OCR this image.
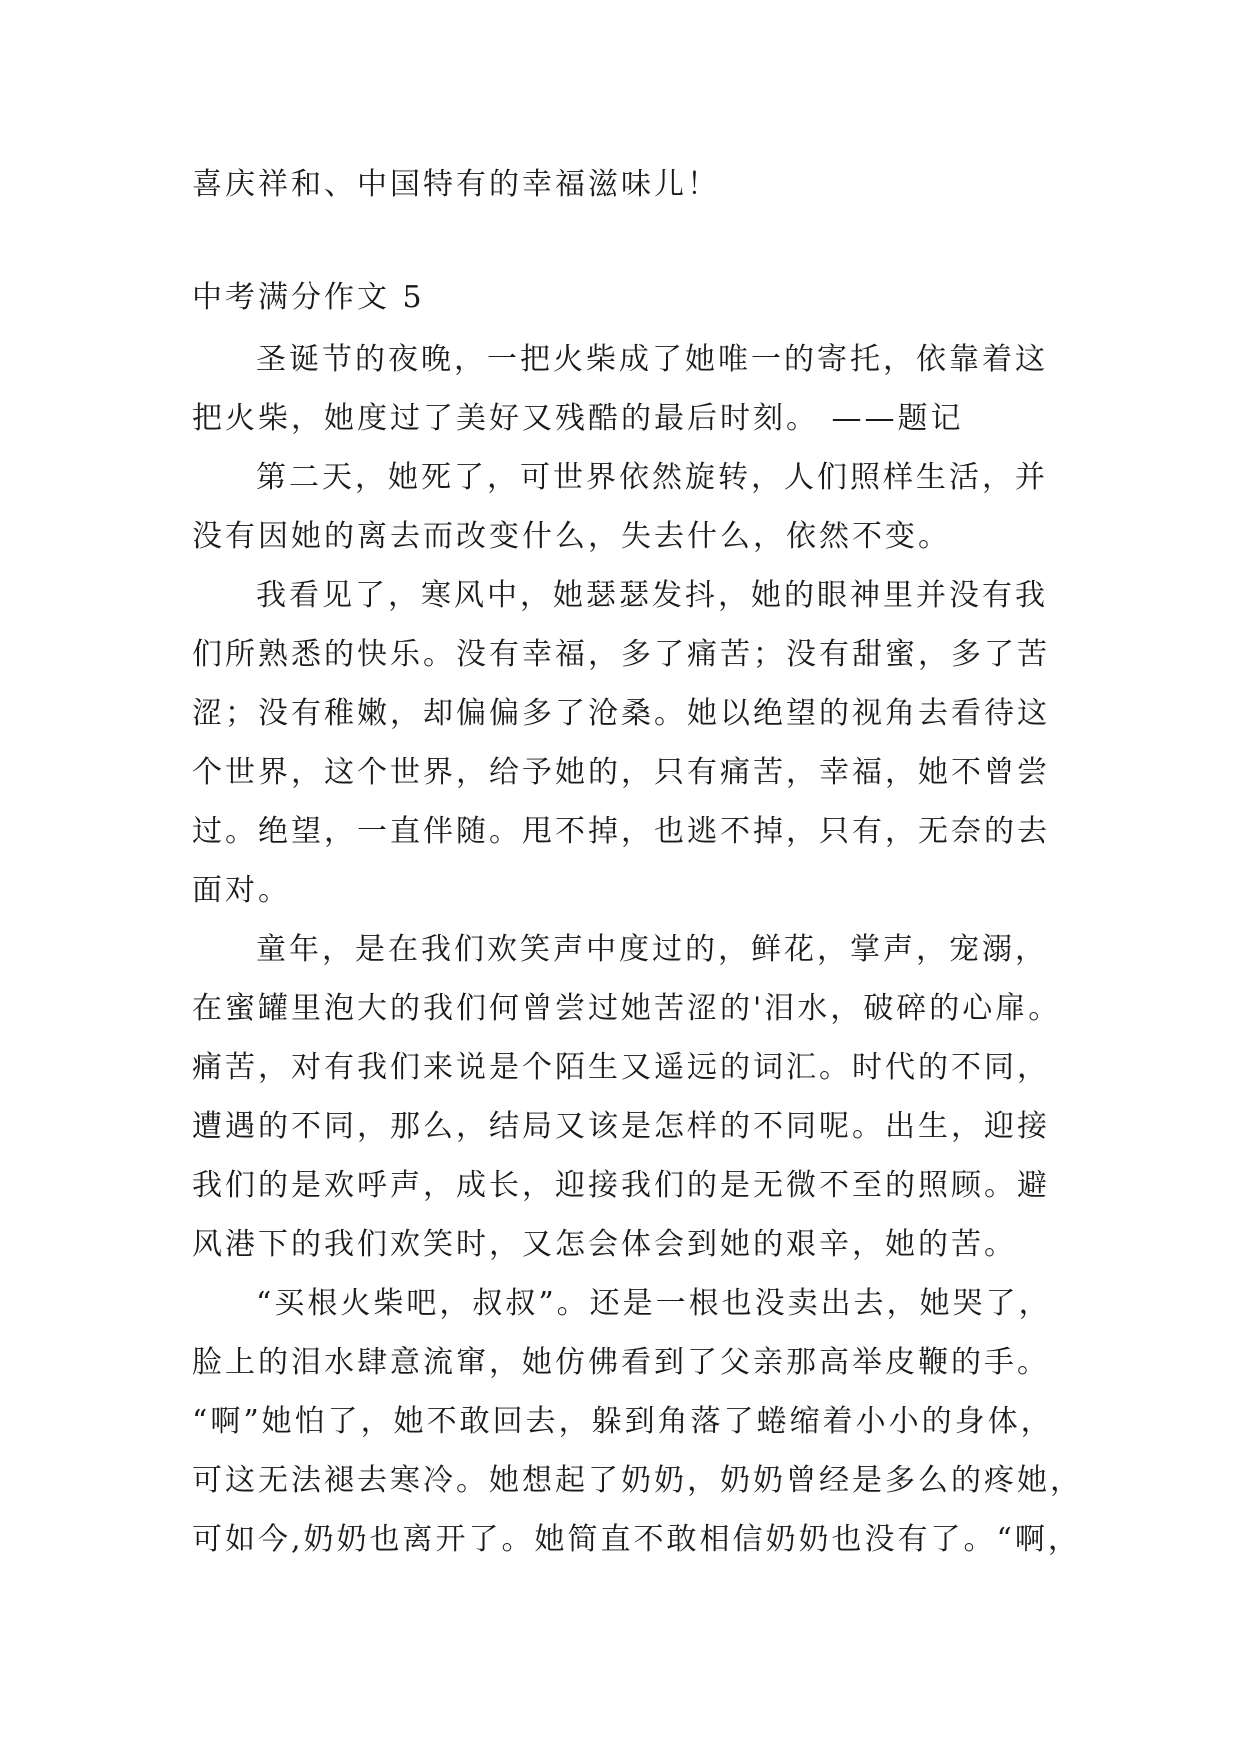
喜庆祥和、中国特有的幸福滋味儿！
中考满分作文 5
圣诞节的夜晚，一把火柴成了她唯一的寄托，依靠着这
把火柴，她度过了美好又残酷的最后时刻。 ——题记
第二天，她死了，可世界依然旋转，人们照样生活，并
没有因她的离去而改变什么，失去什么，依然不变。
我看见了，寒风中，她瑟瑟发抖，她的眼神里并没有我
们所熟悉的快乐。没有幸福，多了痛苦；没有甜蜜，多了苦
涩；没有稚嫩，却偏偏多了沧桑。她以绝望的视角去看待这
个世界，这个世界，给予她的，只有痛苦，幸福，她不曾尝
过。绝望，一直伴随。甩不掉，也逃不掉，只有，无奈的去
面对。
童年，是在我们欢笑声中度过的，鲜花，掌声，宠溺，
在蜜罐里泡大的我们何曾尝过她苦涩的'泪水，破碎的心扉。
痛苦，对有我们来说是个陌生又遥远的词汇。时代的不同，
遭遇的不同，那么，结局又该是怎样的不同呢。出生，迎接
我们的是欢呼声，成长，迎接我们的是无微不至的照顾。避
风港下的我们欢笑时，又怎会体会到她的艰辛，她的苦。
“买根火柴吧，叔叔”。还是一根也没卖出去，她哭了，
脸上的泪水肆意流窜，她仿佛看到了父亲那高举皮鞭的手。
“啊”她怕了，她不敢回去，躲到角落了蜷缩着小小的身体，
可这无法褪去寒冷。她想起了奶奶，奶奶曾经是多么的疼她，
可如今,奶奶也离开了。她简直不敢相信奶奶也没有了。“啊，
